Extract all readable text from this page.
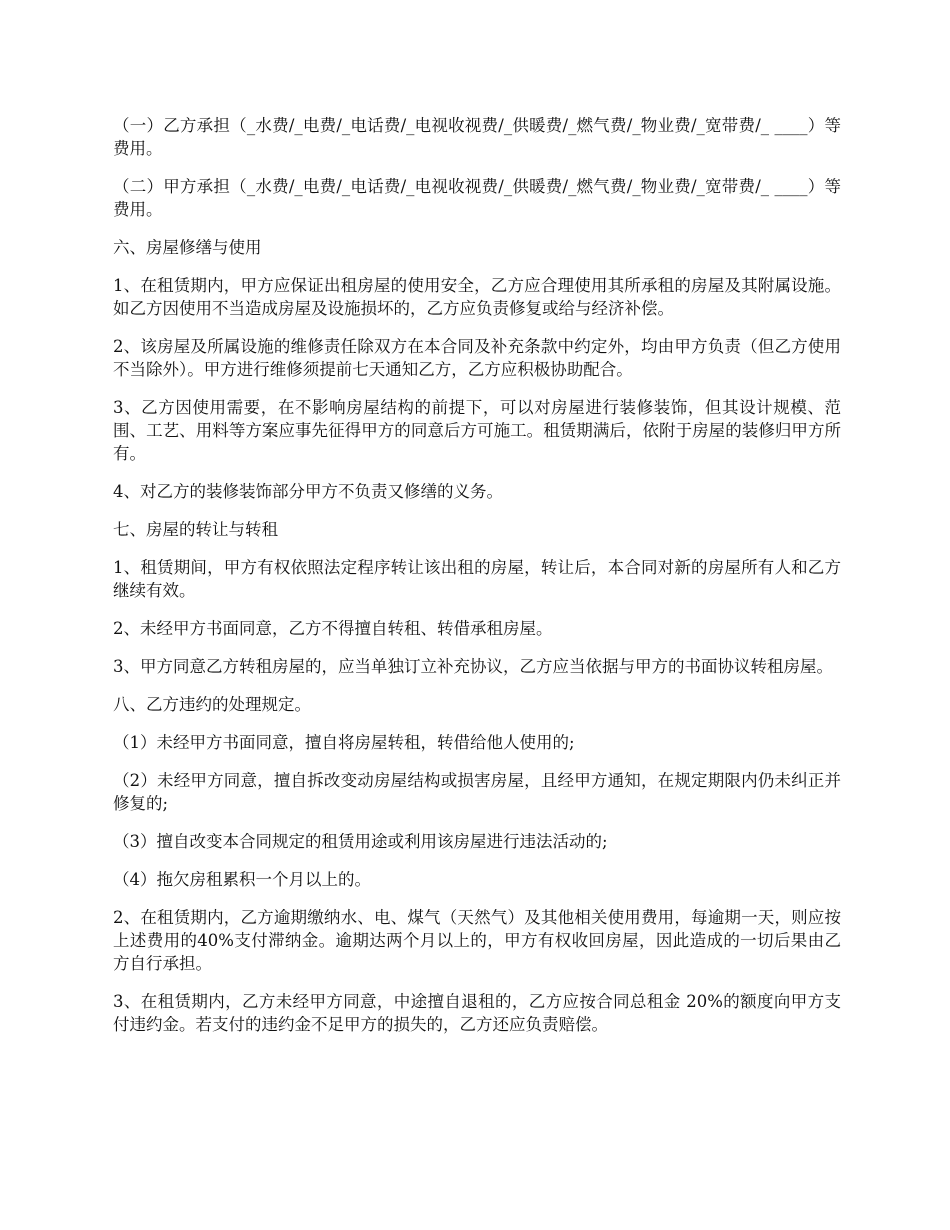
（一）乙方承担（_水费/_电费/_电话费/_电视收视费/_供暖费/_燃气费/_物业费/_宽带费/_ ____）等费用。

（二）甲方承担（_水费/_电费/_电话费/_电视收视费/_供暖费/_燃气费/_物业费/_宽带费/_ ____）等费用。

六、房屋修缮与使用

1、在租赁期内，甲方应保证出租房屋的使用安全，乙方应合理使用其所承租的房屋及其附属设施。如乙方因使用不当造成房屋及设施损坏的，乙方应负责修复或给与经济补偿。

2、该房屋及所属设施的维修责任除双方在本合同及补充条款中约定外，均由甲方负责（但乙方使用不当除外）。甲方进行维修须提前七天通知乙方，乙方应积极协助配合。

3、乙方因使用需要，在不影响房屋结构的前提下，可以对房屋进行装修装饰，但其设计规模、范围、工艺、用料等方案应事先征得甲方的同意后方可施工。租赁期满后，依附于房屋的装修归甲方所有。

4、对乙方的装修装饰部分甲方不负责又修缮的义务。

七、房屋的转让与转租

1、租赁期间，甲方有权依照法定程序转让该出租的房屋，转让后，本合同对新的房屋所有人和乙方继续有效。

2、未经甲方书面同意，乙方不得擅自转租、转借承租房屋。

3、甲方同意乙方转租房屋的，应当单独订立补充协议，乙方应当依据与甲方的书面协议转租房屋。

八、乙方违约的处理规定。

（1）未经甲方书面同意，擅自将房屋转租，转借给他人使用的;

（2）未经甲方同意，擅自拆改变动房屋结构或损害房屋，且经甲方通知，在规定期限内仍未纠正并修复的;

（3）擅自改变本合同规定的租赁用途或利用该房屋进行违法活动的;

（4）拖欠房租累积一个月以上的。

2、在租赁期内，乙方逾期缴纳水、电、煤气（天然气）及其他相关使用费用，每逾期一天，则应按上述费用的40%支付滞纳金。逾期达两个月以上的，甲方有权收回房屋，因此造成的一切后果由乙方自行承担。

3、在租赁期内，乙方未经甲方同意，中途擅自退租的，乙方应按合同总租金 20%的额度向甲方支付违约金。若支付的违约金不足甲方的损失的，乙方还应负责赔偿。
